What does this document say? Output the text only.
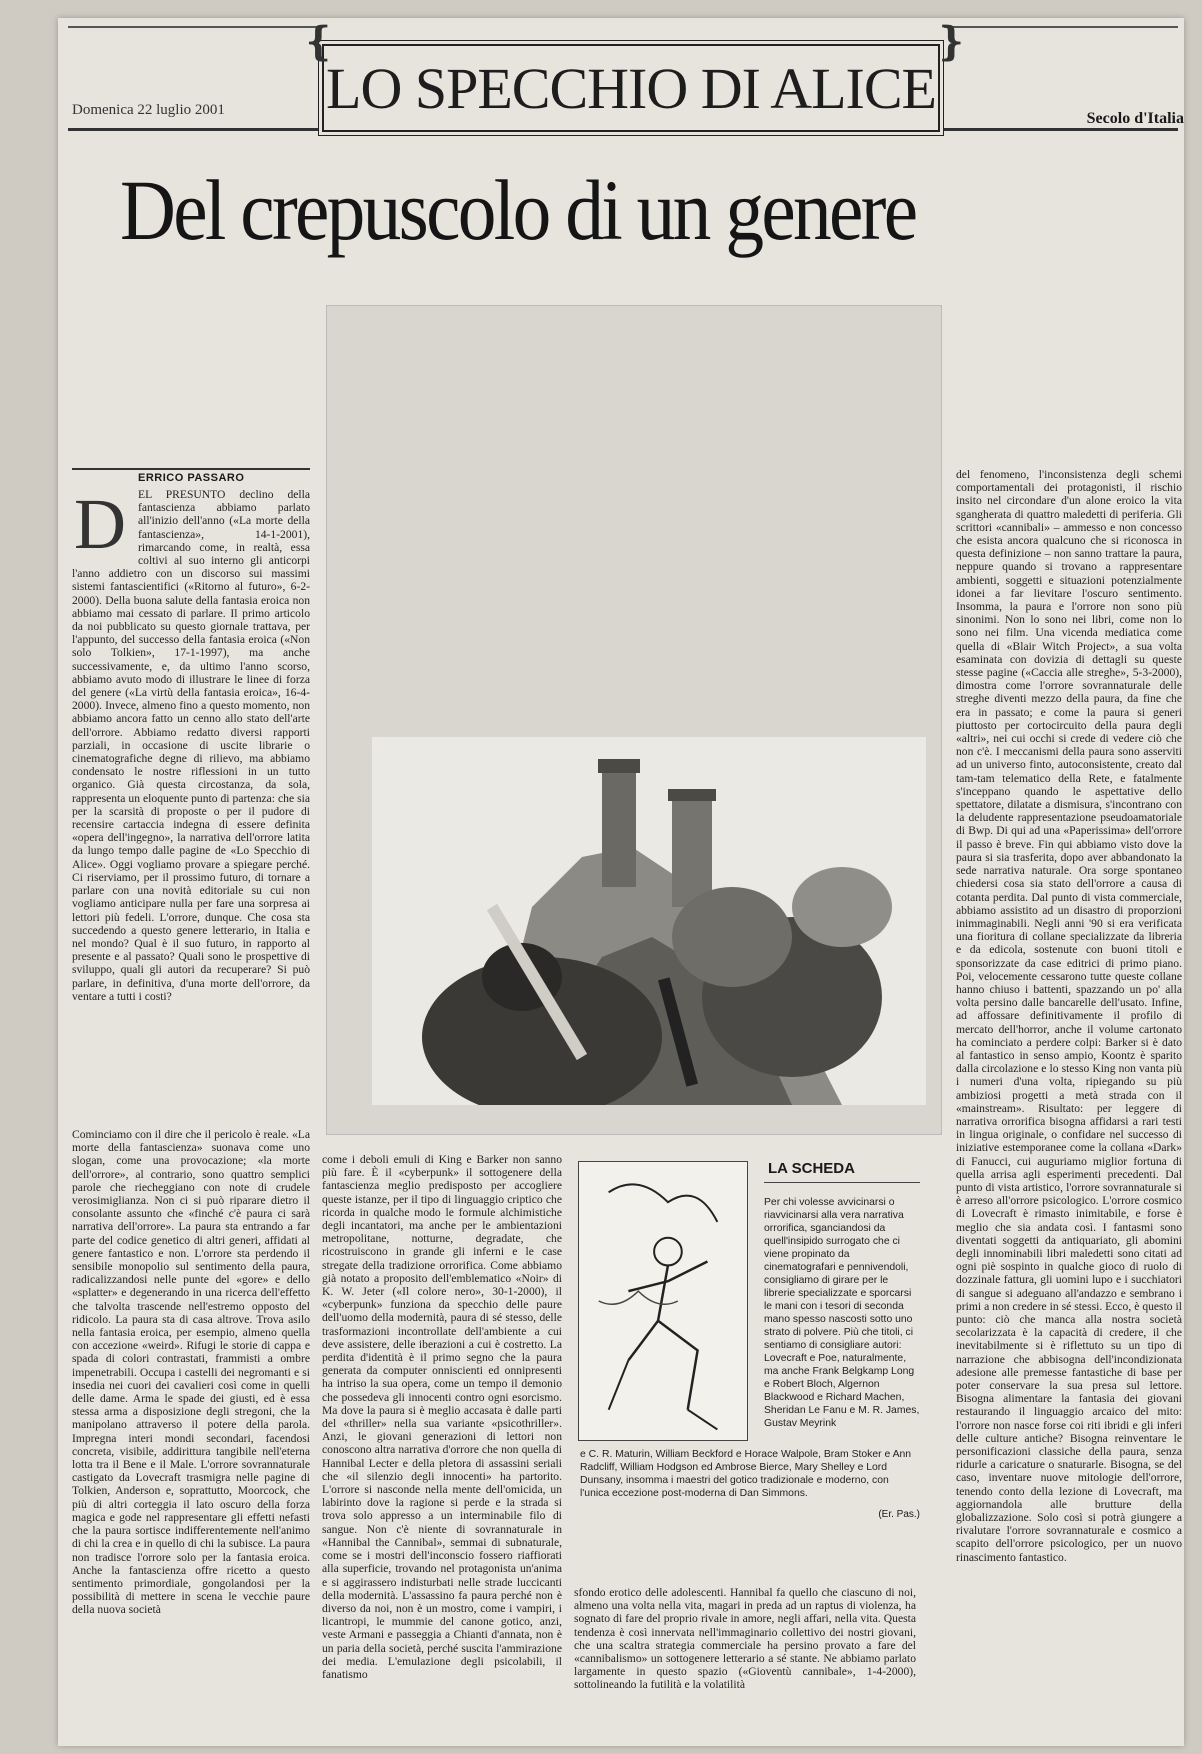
LO SPECCHIO DI ALICE
❴	❵
Domenica 22 luglio 2001	Secolo d'Italia
Del crepuscolo di un genere
ERRICO PASSARO
D EL PRESUNTO declino della fantascienza abbiamo parlato all'inizio dell'anno («La morte della fantascienza», 14-1-2001), rimarcando come, in realtà, essa coltivi al suo interno gli anticorpi

l'anno addietro con un discorso sui massimi sistemi fantascientifici («Ritorno al futuro», 6-2-2000). Della buona salute della fantasia eroica non abbiamo mai cessato di parlare. Il primo articolo da noi pubblicato su questo giornale trattava, per l'appunto, del successo della fantasia eroica («Non solo Tolkien», 17-1-1997), ma anche successivamente, e, da ultimo l'anno scorso, abbiamo avuto modo di illustrare le linee di forza del genere («La virtù della fantasia eroica», 16-4-2000). Invece, almeno fino a questo momento, non abbiamo ancora fatto un cenno allo stato dell'arte dell'orrore. Abbiamo redatto diversi rapporti parziali, in occasione di uscite librarie o cinematografiche degne di rilievo, ma abbiamo condensato le nostre riflessioni in un tutto organico. Già questa circostanza, da sola, rappresenta un eloquente punto di partenza: che sia per la scarsità di proposte o per il pudore di recensire cartaccia indegna di essere definita «opera dell'ingegno», la narrativa dell'orrore latita da lungo tempo dalle pagine de «Lo Specchio di Alice». Oggi vogliamo provare a spiegare perché. Ci riserviamo, per il prossimo futuro, di tornare a parlare con una novità editoriale su cui non vogliamo anticipare nulla per fare una sorpresa ai lettori più fedeli. L'orrore, dunque. Che cosa sta succedendo a questo genere letterario, in Italia e nel mondo? Qual è il suo futuro, in rapporto al presente e al passato? Quali sono le prospettive di sviluppo, quali gli autori da recuperare? Si può parlare, in definitiva, d'una morte dell'orrore, da ventare a tutti i costi?

Cominciamo con il dire che il pericolo è reale. «La morte della fantascienza» suonava come uno slogan, come una provocazione; «la morte dell'orrore», al contrario, sono quattro semplici parole che riecheggiano con note di crudele verosimiglianza. Non ci si può riparare dietro il consolante assunto che «finché c'è paura ci sarà narrativa dell'orrore». La paura sta entrando a far parte del codice genetico di altri generi, affidati al genere fantastico e non. L'orrore sta perdendo il sensibile monopolio sul sentimento della paura, radicalizzandosi nelle punte del «gore» e dello «splatter» e degenerando in una ricerca dell'effetto che talvolta trascende nell'estremo opposto del ridicolo. La paura sta di casa altrove. Trova asilo nella fantasia eroica, per esempio, almeno quella con accezione «weird». Rifugi le storie di cappa e spada di colori contrastati, frammisti a ombre impenetrabili. Occupa i castelli dei negromanti e si insedia nei cuori dei cavalieri così come in quelli delle dame. Arma le spade dei giusti, ed è essa stessa arma a disposizione degli stregoni, che la manipolano attraverso il potere della parola. Impregna interi mondi secondari, facendosi concreta, visibile, addirittura tangibile nell'eterna lotta tra il Bene e il Male. L'orrore sovrannaturale castigato da Lovecraft trasmigra nelle pagine di Tolkien, Anderson e, soprattutto, Moorcock, che più di altri corteggia il lato oscuro della forza magica e gode nel rappresentare gli effetti nefasti che la paura sortisce indifferentemente nell'animo di chi la crea e in quello di chi la subisce. La paura non tradisce l'orrore solo per la fantasia eroica. Anche la fantascienza offre ricetto a questo sentimento primordiale, gongolandosi per la possibilità di mettere in scena le vecchie paure della nuova società

come i deboli emuli di King e Barker non sanno più fare. È il «cyberpunk» il sottogenere della fantascienza meglio predisposto per accogliere queste istanze, per il tipo di linguaggio criptico che ricorda in qualche modo le formule alchimistiche degli incantatori, ma anche per le ambientazioni metropolitane, notturne, degradate, che ricostruiscono in grande gli inferni e le case stregate della tradizione orrorifica. Come abbiamo già notato a proposito dell'emblematico «Noir» di K. W. Jeter («Il colore nero», 30-1-2000), il «cyberpunk» funziona da specchio delle paure dell'uomo della modernità, paura di sé stesso, delle trasformazioni incontrollate dell'ambiente a cui deve assistere, delle iberazioni a cui è costretto. La perdita d'identità è il primo segno che la paura generata da computer onniscienti ed onnipresenti ha intriso la sua opera, come un tempo il demonio che possedeva gli innocenti contro ogni esorcismo. Ma dove la paura si è meglio accasata è dalle parti del «thriller» nella sua variante «psicothriller». Anzi, le giovani generazioni di lettori non conoscono altra narrativa d'orrore che non quella di Hannibal Lecter e della pletora di assassini seriali che «il silenzio degli innocenti» ha partorito. L'orrore si nasconde nella mente dell'omicida, un labirinto dove la ragione si perde e la strada si trova solo appresso a un interminabile filo di sangue. Non c'è niente di sovrannaturale in «Hannibal the Cannibal», semmai di subnaturale, come se i mostri dell'inconscio fossero riaffiorati alla superficie, trovando nel protagonista un'anima e si aggirassero indisturbati nelle strade luccicanti della modernità. L'assassino fa paura perché non è diverso da noi, non è un mostro, come i vampiri, i licantropi, le mummie del canone gotico, anzi, veste Armani e passeggia a Chianti d'annata, non è un paria della società, perché suscita l'ammirazione dei media. L'emulazione degli psicolabili, il fanatismo

sfondo erotico delle adolescenti. Hannibal fa quello che ciascuno di noi, almeno una volta nella vita, magari in preda ad un raptus di violenza, ha sognato di fare del proprio rivale in amore, negli affari, nella vita. Questa tendenza è così innervata nell'immaginario collettivo dei nostri giovani, che una scaltra strategia commerciale ha persino provato a fare del «cannibalismo» un sottogenere letterario a sé stante. Ne abbiamo parlato largamente in questo spazio («Gioventù cannibale», 1-4-2000), sottolineando la futilità e la volatilità

del fenomeno, l'inconsistenza degli schemi comportamentali dei protagonisti, il rischio insito nel circondare d'un alone eroico la vita sgangherata di quattro maledetti di periferia. Gli scrittori «cannibali» – ammesso e non concesso che esista ancora qualcuno che si riconosca in questa definizione – non sanno trattare la paura, neppure quando si trovano a rappresentare ambienti, soggetti e situazioni potenzialmente idonei a far lievitare l'oscuro sentimento. Insomma, la paura e l'orrore non sono più sinonimi. Non lo sono nei libri, come non lo sono nei film. Una vicenda mediatica come quella di «Blair Witch Project», a sua volta esaminata con dovizia di dettagli su queste stesse pagine («Caccia alle streghe», 5-3-2000), dimostra come l'orrore sovrannaturale delle streghe diventi mezzo della paura, da fine che era in passato; e come la paura si generi piuttosto per cortocircuito della paura degli «altri», nei cui occhi si crede di vedere ciò che non c'è. I meccanismi della paura sono asserviti ad un universo finto, autoconsistente, creato dal tam-tam telematico della Rete, e fatalmente s'inceppano quando le aspettative dello spettatore, dilatate a dismisura, s'incontrano con la deludente rappresentazione pseudoamatoriale di Bwp. Di qui ad una «Paperissima» dell'orrore il passo è breve. Fin qui abbiamo visto dove la paura si sia trasferita, dopo aver abbandonato la sede narrativa naturale. Ora sorge spontaneo chiedersi cosa sia stato dell'orrore a causa di cotanta perdita. Dal punto di vista commerciale, abbiamo assistito ad un disastro di proporzioni inimmaginabili. Negli anni '90 si era verificata una fioritura di collane specializzate da libreria e da edicola, sostenute con buoni titoli e sponsorizzate da case editrici di primo piano. Poi, velocemente cessarono tutte queste collane hanno chiuso i battenti, spazzando un po' alla volta persino dalle bancarelle dell'usato. Infine, ad affossare definitivamente il profilo di mercato dell'horror, anche il volume cartonato ha cominciato a perdere colpi: Barker si è dato al fantastico in senso ampio, Koontz è sparito dalla circolazione e lo stesso King non vanta più i numeri d'una volta, ripiegando su più ambiziosi progetti a metà strada con il «mainstream». Risultato: per leggere di narrativa orrorifica bisogna affidarsi a rari testi in lingua originale, o confidare nel successo di iniziative estemporanee come la collana «Dark» di Fanucci, cui auguriamo miglior fortuna di quella arrisa agli esperimenti precedenti. Dal punto di vista artistico, l'orrore sovrannaturale si è arreso all'orrore psicologico. L'orrore cosmico di Lovecraft è rimasto inimitabile, e forse è meglio che sia andata così. I fantasmi sono diventati soggetti da antiquariato, gli abomini degli innominabili libri maledetti sono citati ad ogni piè sospinto in qualche gioco di ruolo di dozzinale fattura, gli uomini lupo e i succhiatori di sangue si adeguano all'andazzo e sembrano i primi a non credere in sé stessi. Ecco, è questo il punto: ciò che manca alla nostra società secolarizzata è la capacità di credere, il che inevitabilmente si è riflettuto su un tipo di narrazione che abbisogna dell'incondizionata adesione alle premesse fantastiche di base per poter conservare la sua presa sul lettore. Bisogna alimentare la fantasia dei giovani restaurando il linguaggio arcaico del mito: l'orrore non nasce forse coi riti ibridi e gli inferi delle culture antiche? Bisogna reinventare le personificazioni classiche della paura, senza ridurle a caricature o snaturarle. Bisogna, se del caso, inventare nuove mitologie dell'orrore, tenendo conto della lezione di Lovecraft, ma aggiornandola alle brutture della globalizzazione. Solo così si potrà giungere a rivalutare l'orrore sovrannaturale e cosmico a scapito dell'orrore psicologico, per un nuovo rinascimento fantastico.

LA SCHEDA
Per chi volesse avvicinarsi o riavvicinarsi alla vera narrativa orrorifica, sganciandosi da quell'insipido surrogato che ci viene propinato da cinematografari e pennivendoli, consigliamo di girare per le librerie specializzate e sporcarsi le mani con i tesori di seconda mano spesso nascosti sotto uno strato di polvere. Più che titoli, ci sentiamo di consigliare autori: Lovecraft e Poe, naturalmente, ma anche Frank Belgkamp Long e Robert Bloch, Algernon Blackwood e Richard Machen, Sheridan Le Fanu e M. R. James, Gustav Meyrink
e C. R. Maturin, William Beckford e Horace Walpole, Bram Stoker e Ann Radcliff, William Hodgson ed Ambrose Bierce, Mary Shelley e Lord Dunsany, insomma i maestri del gotico tradizionale e moderno, con l'unica eccezione post-moderna di Dan Simmons.
(Er. Pas.)
